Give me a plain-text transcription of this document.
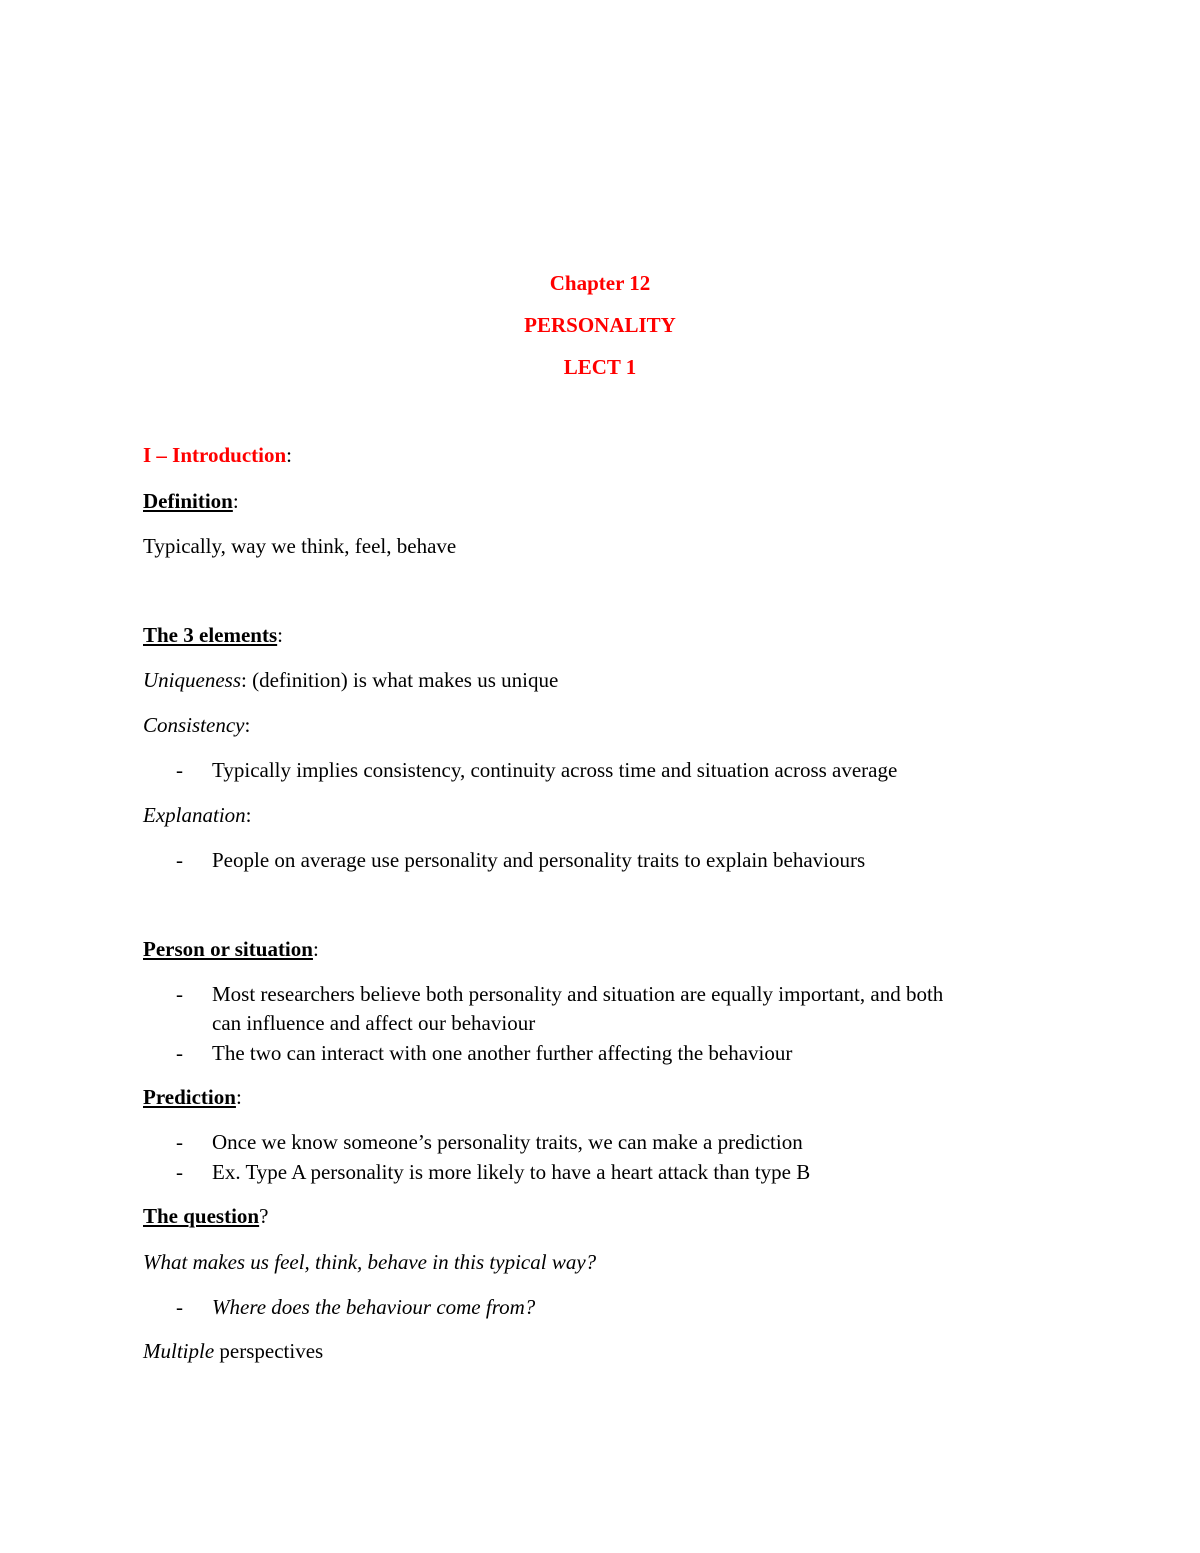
Chapter 12
PERSONALITY
LECT 1
I – Introduction:
Definition:
Typically, way we think, feel, behave
The 3 elements:
Uniqueness: (definition) is what makes us unique
Consistency:
- Typically implies consistency, continuity across time and situation across average
Explanation:
- People on average use personality and personality traits to explain behaviours
Person or situation:
- Most researchers believe both personality and situation are equally important, and both
can influence and affect our behaviour
- The two can interact with one another further affecting the behaviour
Prediction:
- Once we know someone’s personality traits, we can make a prediction
- Ex. Type A personality is more likely to have a heart attack than type B
The question?
What makes us feel, think, behave in this typical way?
- Where does the behaviour come from?
Multiple perspectives
